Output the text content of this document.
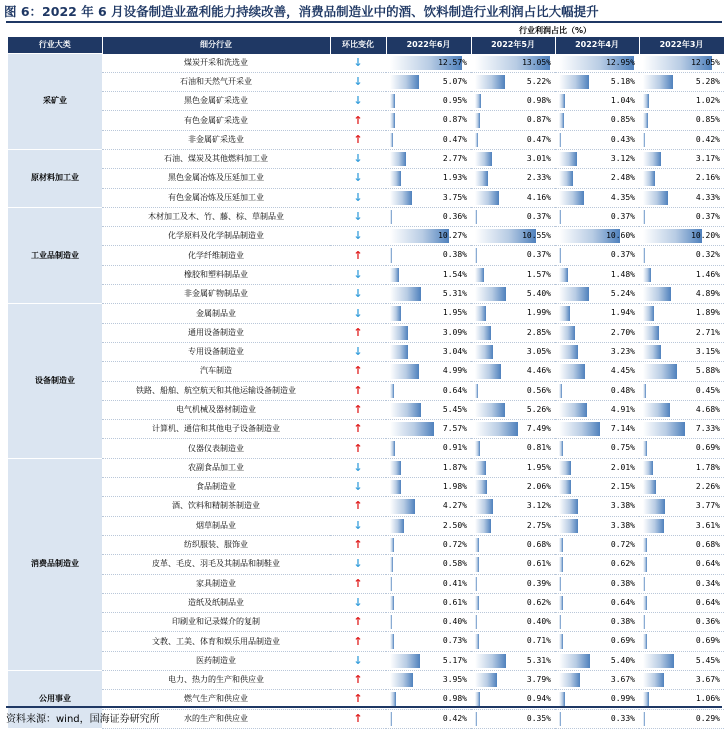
图 6：2022 年 6 月设备制造业盈利能力持续改善，消费品制造业中的酒、饮料制造行业利润占比大幅提升
			行业利润占比（%）			
行业大类	细分行业	环比变化	2022年6月	2022年5月	2022年4月	2022年3月
采矿业	煤炭开采和洗选业	↓	12.57%	13.05%	12.95%	12.05%

	石油和天然气开采业	↓	5.07%	5.22%	5.18%	5.28%

	黑色金属矿采选业	↓	0.95%	0.98%	1.04%	1.02%

	有色金属矿采选业	↑	0.87%	0.87%	0.85%	0.85%

	非金属矿采选业	↑	0.47%	0.47%	0.43%	0.42%

原材料加工业	石油、煤炭及其他燃料加工业	↓	2.77%	3.01%	3.12%	3.17%

	黑色金属冶炼及压延加工业	↓	1.93%	2.33%	2.48%	2.16%

	有色金属冶炼及压延加工业	↓	3.75%	4.16%	4.35%	4.33%

工业品制造业	木材加工及木、竹、藤、棕、草制品业	↓	0.36%	0.37%	0.37%	0.37%

	化学原料及化学制品制造业	↓	10.27%	10.55%	10.60%	10.20%

	化学纤维制造业	↑	0.38%	0.37%	0.37%	0.32%

	橡胶和塑料制品业	↓	1.54%	1.57%	1.48%	1.46%

	非金属矿物制品业	↓	5.31%	5.40%	5.24%	4.89%

设备制造业	金属制品业	↓	1.95%	1.99%	1.94%	1.89%

	通用设备制造业	↑	3.09%	2.85%	2.70%	2.71%

	专用设备制造业	↓	3.04%	3.05%	3.23%	3.15%

	汽车制造	↑	4.99%	4.46%	4.45%	5.88%

	铁路、船舶、航空航天和其他运输设备制造业	↑	0.64%	0.56%	0.48%	0.45%

	电气机械及器材制造业	↑	5.45%	5.26%	4.91%	4.68%

	计算机、通信和其他电子设备制造业	↑	7.57%	7.49%	7.14%	7.33%

	仪器仪表制造业	↑	0.91%	0.81%	0.75%	0.69%

消费品制造业	农副食品加工业	↓	1.87%	1.95%	2.01%	1.78%

	食品制造业	↓	1.98%	2.06%	2.15%	2.26%

	酒、饮料和精制茶制造业	↑	4.27%	3.12%	3.38%	3.77%

	烟草制品业	↓	2.50%	2.75%	3.38%	3.61%

	纺织服装、服饰业	↑	0.72%	0.68%	0.72%	0.68%

	皮革、毛皮、羽毛及其制品和制鞋业	↓	0.58%	0.61%	0.62%	0.64%

	家具制造业	↑	0.41%	0.39%	0.38%	0.34%

	造纸及纸制品业	↓	0.61%	0.62%	0.64%	0.64%

	印刷业和记录媒介的复制	↑	0.40%	0.40%	0.38%	0.36%

	文教、工美、体育和娱乐用品制造业	↑	0.73%	0.71%	0.69%	0.69%

	医药制造业	↓	5.17%	5.31%	5.40%	5.45%

公用事业	电力、热力的生产和供应业	↑	3.95%	3.79%	3.67%	3.67%

	燃气生产和供应业	↑	0.98%	0.94%	0.99%	1.06%

	水的生产和供应业	↑	0.42%	0.35%	0.33%	0.29%
资料来源：wind，国海证券研究所
